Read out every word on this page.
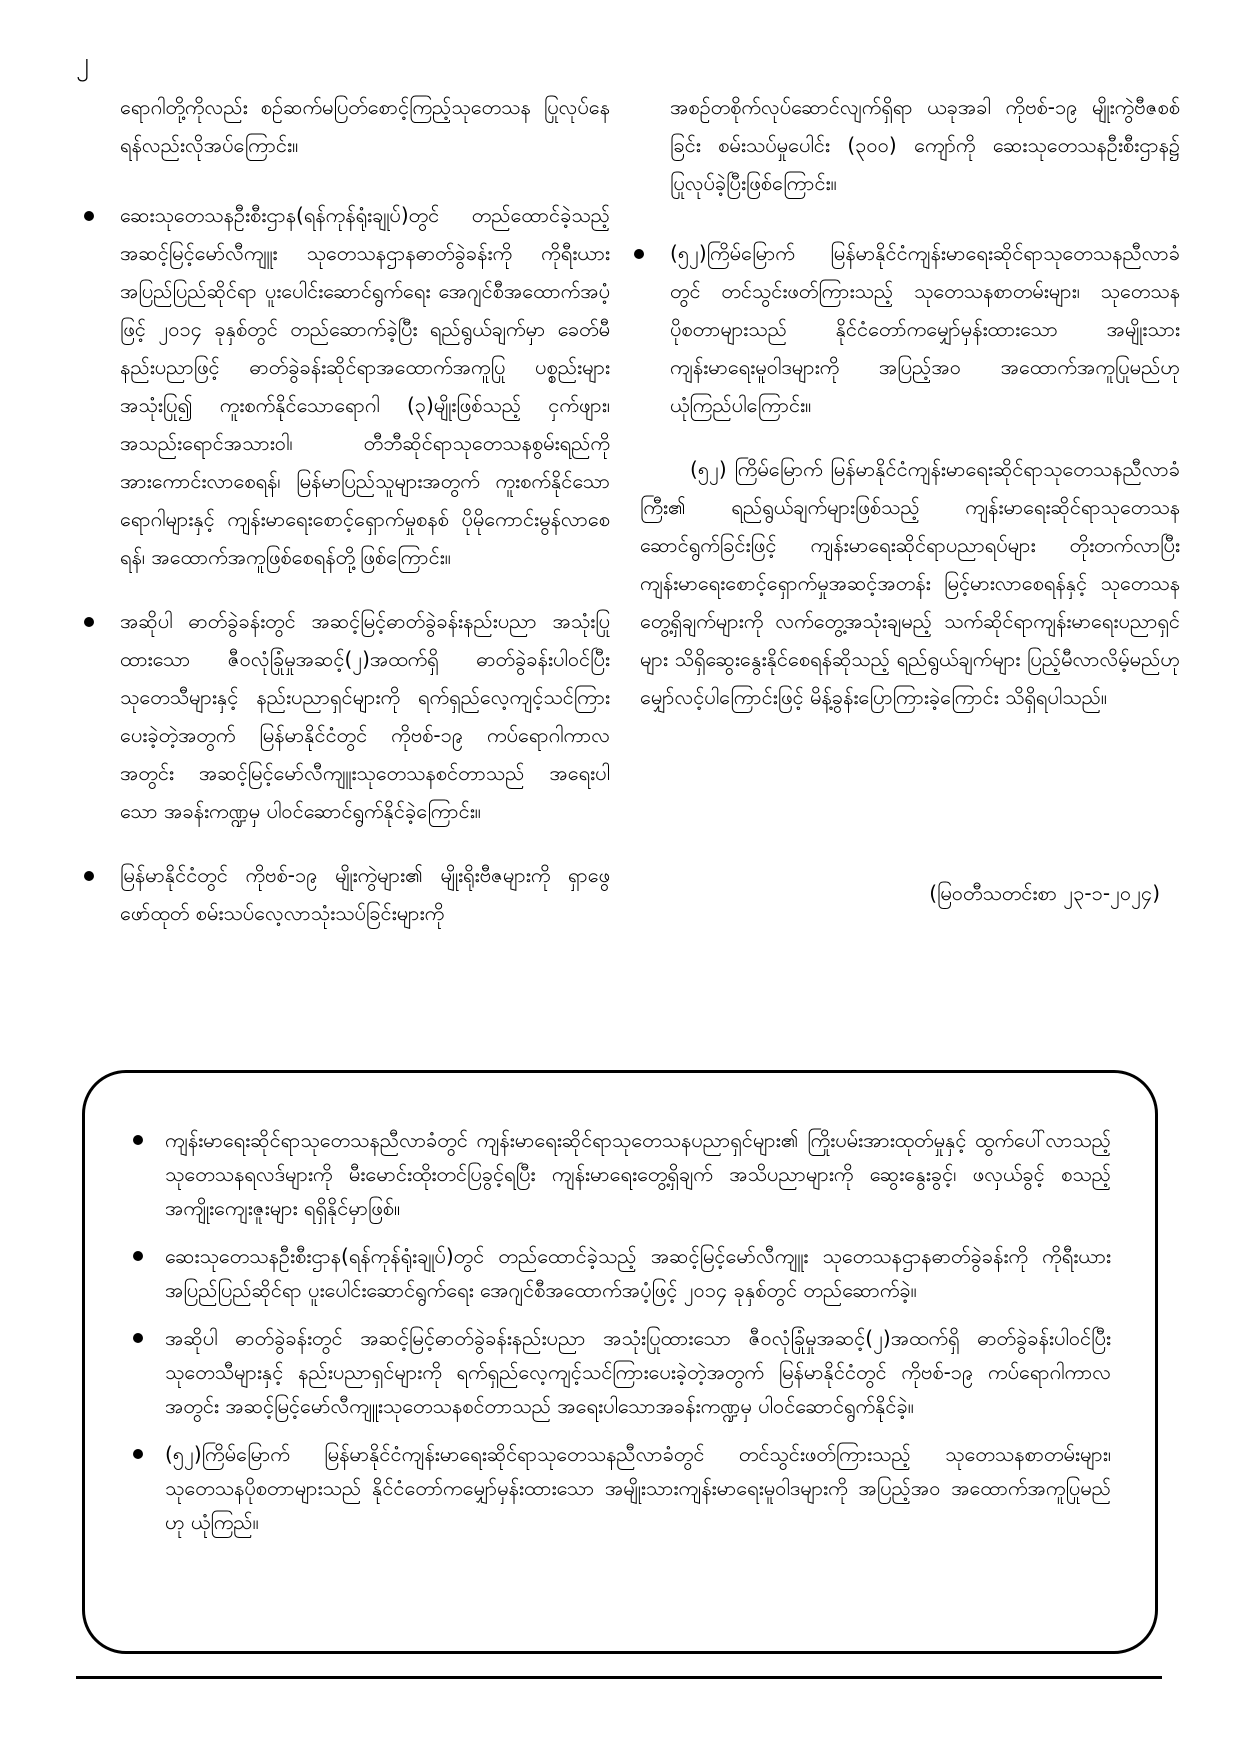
၂

ရောဂါတို့ကိုလည်း စဉ်ဆက်မပြတ်စောင့်ကြည့်သုတေသန ပြုလုပ်နေရန်လည်းလိုအပ်ကြောင်း။

ဆေးသုတေသနဦးစီးဌာန(ရန်ကုန်ရုံးချုပ်)တွင် တည်ထောင်ခဲ့သည့် အဆင့်မြင့်မော်လီကျူး သုတေသနဌာနဓာတ်ခွဲခန်းကို ကိုရီးယားအပြည်ပြည်ဆိုင်ရာ ပူးပေါင်းဆောင်ရွက်ရေး အေဂျင်စီအထောက်အပံ့ဖြင့် ၂၀၁၄ ခုနှစ်တွင် တည်ဆောက်ခဲ့ပြီး ရည်ရွယ်ချက်မှာ ခေတ်မီနည်းပညာဖြင့် ဓာတ်ခွဲခန်းဆိုင်ရာအထောက်အကူပြု ပစ္စည်းများအသုံးပြု၍ ကူးစက်နိုင်သောရောဂါ (၃)မျိုးဖြစ်သည့် ငှက်ဖျား၊ အသည်းရောင်အသားဝါ၊ တီဘီဆိုင်ရာသုတေသနစွမ်းရည်ကို အားကောင်းလာစေရန်၊ မြန်မာပြည်သူများအတွက် ကူးစက်နိုင်သောရောဂါများနှင့် ကျန်းမာရေးစောင့်ရှောက်မှုစနစ် ပိုမိုကောင်းမွန်လာစေရန်၊ အထောက်အကူဖြစ်စေရန်တို့ဖြစ်ကြောင်း။
အဆိုပါ ဓာတ်ခွဲခန်းတွင် အဆင့်မြင့်ဓာတ်ခွဲခန်းနည်းပညာ အသုံးပြုထားသော ဇီဝလုံခြုံမှုအဆင့်(၂)အထက်ရှိ ဓာတ်ခွဲခန်းပါဝင်ပြီး သုတေသီများနှင့် နည်းပညာရှင်များကို ရက်ရှည်လေ့ကျင့်သင်ကြားပေးခဲ့တဲ့အတွက် မြန်မာနိုင်ငံတွင် ကိုဗစ်-၁၉ ကပ်ရောဂါကာလအတွင်း အဆင့်မြင့်မော်လီကျူးသုတေသနစင်တာသည် အရေးပါသော အခန်းကဏ္ဍမှ ပါဝင်ဆောင်ရွက်နိုင်ခဲ့ကြောင်း။
မြန်မာနိုင်ငံတွင် ကိုဗစ်-၁၉ မျိုးကွဲများ၏ မျိုးရိုးဗီဇများကို ရှာဖွေဖော်ထုတ် စမ်းသပ်လေ့လာသုံးသပ်ခြင်းများကို

အစဉ်တစိုက်လုပ်ဆောင်လျက်ရှိရာ ယခုအခါ ကိုဗစ်-၁၉ မျိုးကွဲဗီဇစစ်ခြင်း စမ်းသပ်မှုပေါင်း (၃၀၀) ကျော်ကို ဆေးသုတေသနဦးစီးဌာန၌ ပြုလုပ်ခဲ့ပြီးဖြစ်ကြောင်း။

(၅၂)ကြိမ်မြောက် မြန်မာနိုင်ငံကျန်းမာရေးဆိုင်ရာသုတေသနညီလာခံတွင် တင်သွင်းဖတ်ကြားသည့် သုတေသနစာတမ်းများ၊ သုတေသနပိုစတာများသည် နိုင်ငံတော်ကမျှော်မှန်းထားသော အမျိုးသားကျန်းမာရေးမူဝါဒများကို အပြည့်အဝ အထောက်အကူပြုမည်ဟု ယုံကြည်ပါကြောင်း။

(၅၂) ကြိမ်မြောက် မြန်မာနိုင်ငံကျန်းမာရေးဆိုင်ရာသုတေသနညီလာခံကြီး၏ ရည်ရွယ်ချက်များဖြစ်သည့် ကျန်းမာရေးဆိုင်ရာသုတေသနဆောင်ရွက်ခြင်းဖြင့် ကျန်းမာရေးဆိုင်ရာပညာရပ်များ တိုးတက်လာပြီး ကျန်းမာရေးစောင့်ရှောက်မှုအဆင့်အတန်း မြင့်မားလာစေရန်နှင့် သုတေသနတွေ့ရှိချက်များကို လက်တွေ့အသုံးချမည့် သက်ဆိုင်ရာကျန်းမာရေးပညာရှင်များ သိရှိဆွေးနွေးနိုင်စေရန်ဆိုသည့် ရည်ရွယ်ချက်များ ပြည့်မီလာလိမ့်မည်ဟု မျှော်လင့်ပါကြောင်းဖြင့် မိန့်ခွန်းပြောကြားခဲ့ကြောင်း သိရှိရပါသည်။

(မြဝတီသတင်းစာ ၂၃-၁-၂၀၂၄)
ကျန်းမာရေးဆိုင်ရာသုတေသနညီလာခံတွင် ကျန်းမာရေးဆိုင်ရာသုတေသနပညာရှင်များ၏ ကြိုးပမ်းအားထုတ်မှုနှင့် ထွက်ပေါ်လာသည့် သုတေသနရလဒ်များကို မီးမောင်းထိုးတင်ပြခွင့်ရပြီး ကျန်းမာရေးတွေ့ရှိချက် အသိပညာများကို ဆွေးနွေးခွင့်၊ ဖလှယ်ခွင့် စသည့် အကျိုးကျေးဇူးများ ရရှိနိုင်မှာဖြစ်။
ဆေးသုတေသနဦးစီးဌာန(ရန်ကုန်ရုံးချုပ်)တွင် တည်ထောင်ခဲ့သည့် အဆင့်မြင့်မော်လီကျူး သုတေသနဌာနဓာတ်ခွဲခန်းကို ကိုရီးယားအပြည်ပြည်ဆိုင်ရာ ပူးပေါင်းဆောင်ရွက်ရေး အေဂျင်စီအထောက်အပံ့ဖြင့် ၂၀၁၄ ခုနှစ်တွင် တည်ဆောက်ခဲ့။
အဆိုပါ ဓာတ်ခွဲခန်းတွင် အဆင့်မြင့်ဓာတ်ခွဲခန်းနည်းပညာ အသုံးပြုထားသော ဇီဝလုံခြုံမှုအဆင့်(၂)အထက်ရှိ ဓာတ်ခွဲခန်းပါဝင်ပြီး သုတေသီများနှင့် နည်းပညာရှင်များကို ရက်ရှည်လေ့ကျင့်သင်ကြားပေးခဲ့တဲ့အတွက် မြန်မာနိုင်ငံတွင် ကိုဗစ်-၁၉ ကပ်ရောဂါကာလအတွင်း အဆင့်မြင့်မော်လီကျူးသုတေသနစင်တာသည် အရေးပါသောအခန်းကဏ္ဍမှ ပါဝင်ဆောင်ရွက်နိုင်ခဲ့။
(၅၂)ကြိမ်မြောက် မြန်မာနိုင်ငံကျန်းမာရေးဆိုင်ရာသုတေသနညီလာခံတွင် တင်သွင်းဖတ်ကြားသည့် သုတေသနစာတမ်းများ၊ သုတေသနပိုစတာများသည် နိုင်ငံတော်ကမျှော်မှန်းထားသော အမျိုးသားကျန်းမာရေးမူဝါဒများကို အပြည့်အဝ အထောက်အကူပြုမည်ဟု ယုံကြည်။
